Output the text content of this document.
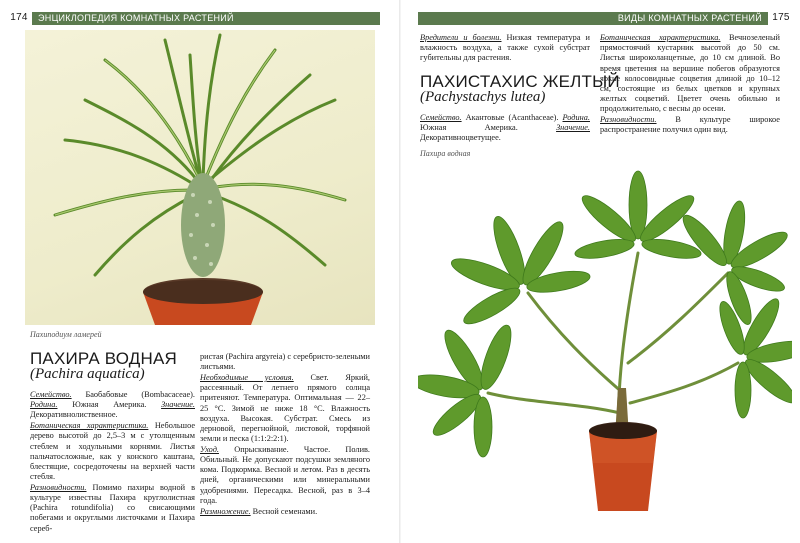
174	ЭНЦИКЛОПЕДИЯ КОМНАТНЫХ РАСТЕНИЙ
Пахиподиум ламерей
ПАХИРА ВОДНАЯ
(Pachira aquatica)

Семейство. Баобабовые (Bombacaceae). Родина. Южная Америка. Значение. Декоративнолиственное.

Ботаническая характеристика. Небольшое дерево высотой до 2,5–3 м с утолщенным стеблем и ходульными корнями. Листья пальчатосложные, как у конского каштана, блестящие, сосредоточены на верхней части стебля.

Разновидности. Помимо пахиры водной в культуре известны Пахира круглолистная (Pachira rotundifolia) со свисающими побегами и округлыми листочками и Пахира сереб-

ристая (Pachira argyreia) с серебристо-зелеными листьями.

Необходимые условия. Свет. Яркий, рассеянный. От летнего прямого солнца притеняют. Температура. Оптимальная — 22–25 °С. Зимой не ниже 18 °С. Влажность воздуха. Высокая. Субстрат. Смесь из дерновой, перегнойной, листовой, торфяной земли и песка (1:1:2:2:1).

Уход. Опрыскивание. Частое. Полив. Обильный. Не допускают подсушки земляного кома. Подкормка. Весной и летом. Раз в десять дней, органическими или минеральными удобрениями. Пересадка. Весной, раз в 3–4 года.

Размножение. Весной семенами.

ВИДЫ КОМНАТНЫХ РАСТЕНИЙ	175

Вредители и болезни. Низкая температура и влажность воздуха, а также сухой субстрат губительны для растения.

ПАХИСТАХИС ЖЕЛТЫЙ
(Pachystachys lutea)

Семейство. Акантовые (Acanthaceae). Родина. Южная Америка. Значение. Декоративноцветущее.

Пахира водная

Ботаническая характеристика. Вечнозеленый прямостоячий кустарник высотой до 50 см. Листья широколанцетные, до 10 см длиной. Во время цветения на вершине побегов образуются яркие колосовидные соцветия длиной до 10–12 см, состоящие из белых цветков и крупных желтых соцветий. Цветет очень обильно и продолжительно, с весны до осени.

Разновидности. В культуре широкое распространение получил один вид.
